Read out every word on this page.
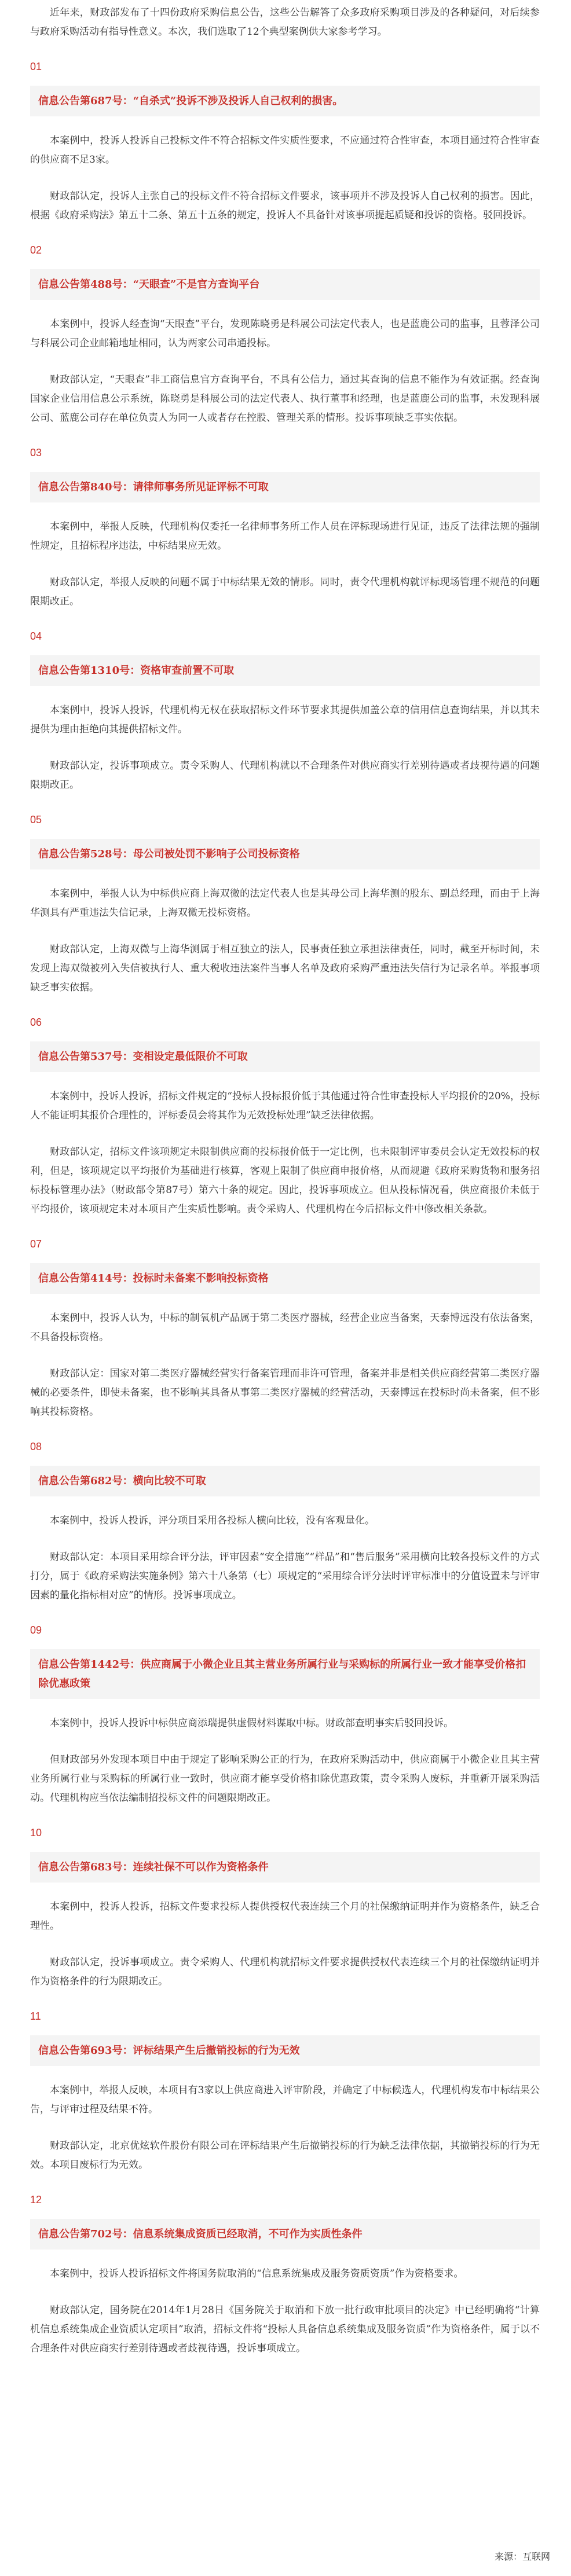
近年来，财政部发布了十四份政府采购信息公告，这些公告解答了众多政府采购项目涉及的各种疑问，对后续参与政府采购活动有指导性意义。本次，我们选取了12个典型案例供大家参考学习。

01
信息公告第687号：“自杀式”投诉不涉及投诉人自己权利的损害。

本案例中，投诉人投诉自己投标文件不符合招标文件实质性要求，不应通过符合性审查，本项目通过符合性审查的供应商不足3家。

财政部认定，投诉人主张自己的投标文件不符合招标文件要求，该事项并不涉及投诉人自己权利的损害。因此，根据《政府采购法》第五十二条、第五十五条的规定，投诉人不具备针对该事项提起质疑和投诉的资格。驳回投诉。

02
信息公告第488号：“天眼查”不是官方查询平台

本案例中，投诉人经查询“天眼查”平台，发现陈晓勇是科展公司法定代表人，也是蓝鹿公司的监事，且蓉泽公司与科展公司企业邮箱地址相同，认为两家公司串通投标。

财政部认定，“天眼查”非工商信息官方查询平台，不具有公信力，通过其查询的信息不能作为有效证据。经查询国家企业信用信息公示系统，陈晓勇是科展公司的法定代表人、执行董事和经理，也是蓝鹿公司的监事，未发现科展公司、蓝鹿公司存在单位负责人为同一人或者存在控股、管理关系的情形。投诉事项缺乏事实依据。

03
信息公告第840号：请律师事务所见证评标不可取

本案例中，举报人反映，代理机构仅委托一名律师事务所工作人员在评标现场进行见证，违反了法律法规的强制性规定，且招标程序违法，中标结果应无效。

财政部认定，举报人反映的问题不属于中标结果无效的情形。同时，责令代理机构就评标现场管理不规范的问题限期改正。

04
信息公告第1310号：资格审查前置不可取

本案例中，投诉人投诉，代理机构无权在获取招标文件环节要求其提供加盖公章的信用信息查询结果，并以其未提供为理由拒绝向其提供招标文件。

财政部认定，投诉事项成立。责令采购人、代理机构就以不合理条件对供应商实行差别待遇或者歧视待遇的问题限期改正。

05
信息公告第528号：母公司被处罚不影响子公司投标资格

本案例中，举报人认为中标供应商上海双微的法定代表人也是其母公司上海华测的股东、副总经理，而由于上海华测具有严重违法失信记录，上海双微无投标资格。

财政部认定，上海双微与上海华测属于相互独立的法人，民事责任独立承担法律责任，同时，截至开标时间，未发现上海双微被列入失信被执行人、重大税收违法案件当事人名单及政府采购严重违法失信行为记录名单。举报事项缺乏事实依据。

06
信息公告第537号：变相设定最低限价不可取

本案例中，投诉人投诉，招标文件规定的“投标人投标报价低于其他通过符合性审查投标人平均报价的20%，投标人不能证明其报价合理性的，评标委员会将其作为无效投标处理”缺乏法律依据。

财政部认定，招标文件该项规定未限制供应商的投标报价低于一定比例，也未限制评审委员会认定无效投标的权利，但是，该项规定以平均报价为基础进行核算，客观上限制了供应商申报价格，从而规避《政府采购货物和服务招标投标管理办法》（财政部令第87号）第六十条的规定。因此，投诉事项成立。但从投标情况看，供应商报价未低于平均报价，该项规定未对本项目产生实质性影响。责令采购人、代理机构在今后招标文件中修改相关条款。

07
信息公告第414号：投标时未备案不影响投标资格

本案例中，投诉人认为，中标的制氧机产品属于第二类医疗器械，经营企业应当备案，天泰博远没有依法备案，不具备投标资格。

财政部认定：国家对第二类医疗器械经营实行备案管理而非许可管理，备案并非是相关供应商经营第二类医疗器械的必要条件，即使未备案，也不影响其具备从事第二类医疗器械的经营活动，天泰博远在投标时尚未备案，但不影响其投标资格。

08
信息公告第682号：横向比较不可取

本案例中，投诉人投诉，评分项目采用各投标人横向比较，没有客观量化。

财政部认定：本项目采用综合评分法，评审因素“安全措施”“样品”和“售后服务”采用横向比较各投标文件的方式打分，属于《政府采购法实施条例》第六十八条第（七）项规定的“采用综合评分法时评审标准中的分值设置未与评审因素的量化指标相对应”的情形。投诉事项成立。

09
信息公告第1442号：供应商属于小微企业且其主营业务所属行业与采购标的所属行业一致才能享受价格扣除优惠政策

本案例中，投诉人投诉中标供应商添瑞提供虚假材料谋取中标。财政部查明事实后驳回投诉。

但财政部另外发现本项目中由于规定了影响采购公正的行为，在政府采购活动中，供应商属于小微企业且其主营业务所属行业与采购标的所属行业一致时，供应商才能享受价格扣除优惠政策，责令采购人废标，并重新开展采购活动。代理机构应当依法编制招投标文件的问题限期改正。

10
信息公告第683号：连续社保不可以作为资格条件

本案例中，投诉人投诉，招标文件要求投标人提供授权代表连续三个月的社保缴纳证明并作为资格条件，缺乏合理性。

财政部认定，投诉事项成立。责令采购人、代理机构就招标文件要求提供授权代表连续三个月的社保缴纳证明并作为资格条件的行为限期改正。

11
信息公告第693号：评标结果产生后撤销投标的行为无效

本案例中，举报人反映，本项目有3家以上供应商进入评审阶段，并确定了中标候选人，代理机构发布中标结果公告，与评审过程及结果不符。

财政部认定，北京优炫软件股份有限公司在评标结果产生后撤销投标的行为缺乏法律依据，其撤销投标的行为无效。本项目废标行为无效。

12
信息公告第702号：信息系统集成资质已经取消，不可作为实质性条件

本案例中，投诉人投诉招标文件将国务院取消的“信息系统集成及服务资质资质”作为资格要求。

财政部认定，国务院在2014年1月28日《国务院关于取消和下放一批行政审批项目的决定》中已经明确将“计算机信息系统集成企业资质认定项目”取消，招标文件将“投标人具备信息系统集成及服务资质”作为资格条件，属于以不合理条件对供应商实行差别待遇或者歧视待遇，投诉事项成立。

来源：互联网
